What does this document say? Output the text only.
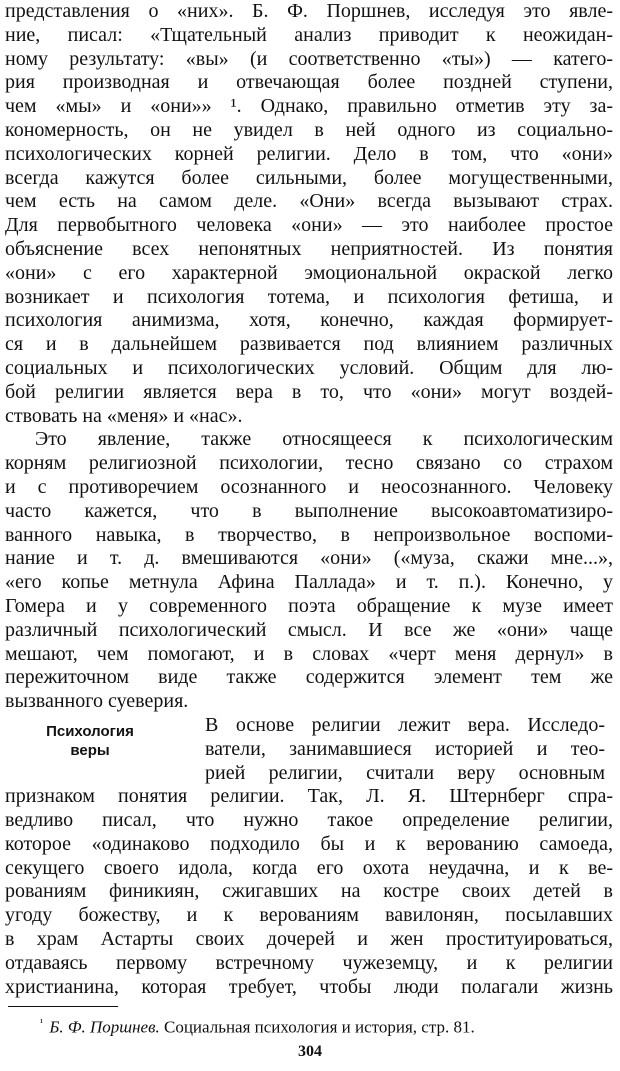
представления о «них». Б. Ф. Поршнев, исследуя это явле-
ние, писал: «Тщательный анализ приводит к неожидан-
ному результату: «вы» (и соответственно «ты») — катего-
рия производная и отвечающая более поздней ступени,
чем «мы» и «они»» ¹. Однако, правильно отметив эту за-
кономерность, он не увидел в ней одного из социально-
психологических корней религии. Дело в том, что «они»
всегда кажутся более сильными, более могущественными,
чем есть на самом деле. «Они» всегда вызывают страх.
Для первобытного человека «они» — это наиболее простое
объяснение всех непонятных неприятностей. Из понятия
«они» с его характерной эмоциональной окраской легко
возникает и психология тотема, и психология фетиша, и
психология анимизма, хотя, конечно, каждая формирует-
ся и в дальнейшем развивается под влиянием различных
социальных и психологических условий. Общим для лю-
бой религии является вера в то, что «они» могут воздей-
ствовать на «меня» и «нас».
Это явление, также относящееся к психологическим
корням религиозной психологии, тесно связано со страхом
и с противоречием осознанного и неосознанного. Человеку
часто кажется, что в выполнение высокоавтоматизиро-
ванного навыка, в творчество, в непроизвольное воспоми-
нание и т. д. вмешиваются «они» («муза, скажи мне...»,
«его копье метнула Афина Паллада» и т. п.). Конечно, у
Гомера и у современного поэта обращение к музе имеет
различный психологический смысл. И все же «они» чаще
мешают, чем помогают, и в словах «черт меня дернул» в
пережиточном виде также содержится элемент тем же
вызванного суеверия.
В основе религии лежит вера. Исследо-
ватели, занимавшиеся историей и тео-
рией религии, считали веру основным
признаком понятия религии. Так, Л. Я. Штернберг спра-
ведливо писал, что нужно такое определение религии,
которое «одинаково подходило бы и к верованию самоеда,
секущего своего идола, когда его охота неудачна, и к ве-
рованиям финикиян, сжигавших на костре своих детей в
угоду божеству, и к верованиям вавилонян, посылавших
в храм Астарты своих дочерей и жен проституироваться,
отдаваясь первому встречному чужеземцу, и к религии
христианина, которая требует, чтобы люди полагали жизнь
Психология
веры
$^{^1}$ Б. Ф. Поршнев. Социальная психология и история, стр. 81.
304
